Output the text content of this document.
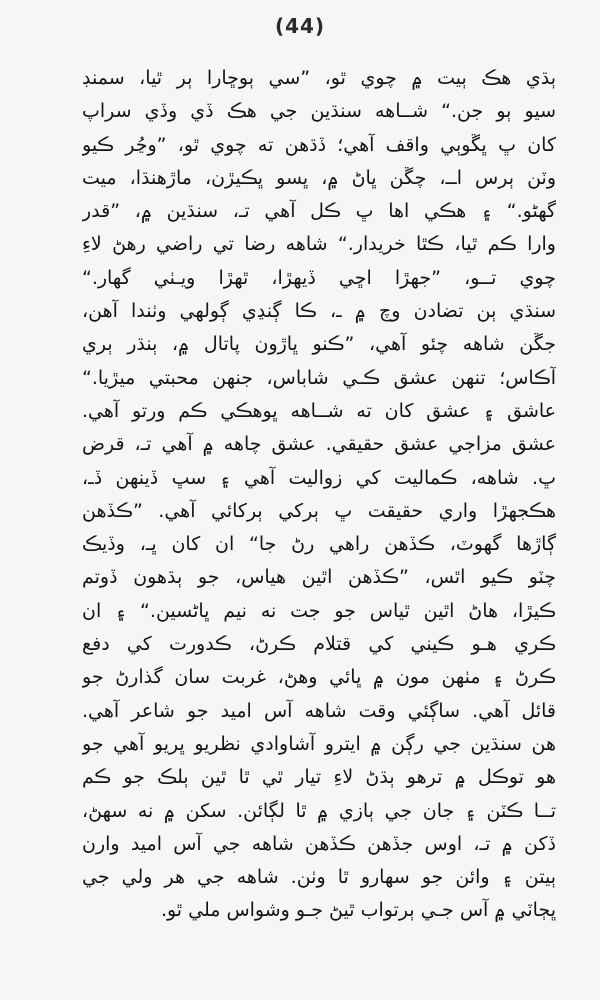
(44)
ٻڌي هڪ ٻيت ۾ چوي ٿو، ”سي ٻوڇارا ٻر ٿيا، سمنڊ
سيو ٻو جن.“ شــاهه سنڌين جي هڪ ڏي وڏي سراپ
کان ڀ ڀڱوٻي واقف آهي؛ ڏڌهن ته چوي ٿو، ”وڃُر ڪيو
وٽن ٻرس اــ، چڱن ڀاڻ ۾، ڀسو ڀڪيڙن، ماڙهنڌا، ميت
گهڻو.“ ۽ هڪي اها ڀ ڪل آهي تـ، سنڌين ۾، ”قدر
وارا ڪم ٿيا، ڪٿا خريدار.“ شاهه رضا تي راضي رهڻ لاءِ
چوي تــو، ”جهڙا اڇي ڏيهڙا، ٿهڙا ويـٺي گهار.“
سنڌي ٻن تضادن وچ ۾ ـ، ڪا ڳنڍي ڳولهي وٺندا آهن،
جڱن شاهه چئو آهي، ”ڪنو ڀاڙون پاتال ۾، ٻنڌر ٻري
آڪاس؛ تنهن عشق ڪـي شاباس، جنهن محبتي ميڙيا.“
عاشق ۽ عشق کان ته شــاهه ڀوهڪي ڪم ورتو آهي.
عشق مزاجي عشق حقيقي. عشق چاهه ۾ آهي تـ، قرض
ڀ. شاهه، ڪماليت کي زواليت آهي ۽ سڀ ڏينهن ڏـ،
هڪجهڙا واري حقيقت ڀ ٻرکي ٻرکائي آهي. ”ڪڏهن
ڳاڙها گهوٽ، ڪڏهن راهي رڻ جا“ ان کان ڀـ، وڏيڪ
چٽو ڪيو اٿس، ”ڪڏهن اٿين هياس، جو ٻڌهون ڏوتم
ڪيڙا، هاڻ اٿين ٿياس جو جت نه نيم ڀاڻسين.“ ۽ ان
ڪري هـو ڪيني کي قتلام ڪرڻ، ڪدورت کي دفع
ڪرڻ ۽ مٺهن مون ۾ ڀائي وهڻ، غربت سان گذارڻ جو
قائل آهي. ساڳئي وقت شاهه آس اميد جو شاعر آهي.
هن سنڌين جي رڳن ۾ ايترو آشاوادي نظريو ڀريو آهي جو
هو توڪل ۾ ترهو ٻڌڻ لاءِ تيار ٿي ٿا ٿين ٻلڪ جو ڪم
تــا ڪٽن ۽ جان جي ٻازي ۾ ٿا لڳائن. سکن ۾ نه سهڻ،
ڏکن ۾ تـ، اوس جڏهن ڪڏهن شاهه جي آس اميد وارن
ٻيتن ۽ وائن جو سهارو ٿا وٺن. شاهه جي هر ولي جي
ڀڄاٽي ۾ آس جـي ٻرتواب ٿيڻ جـو وشواس ملي ٿو.
